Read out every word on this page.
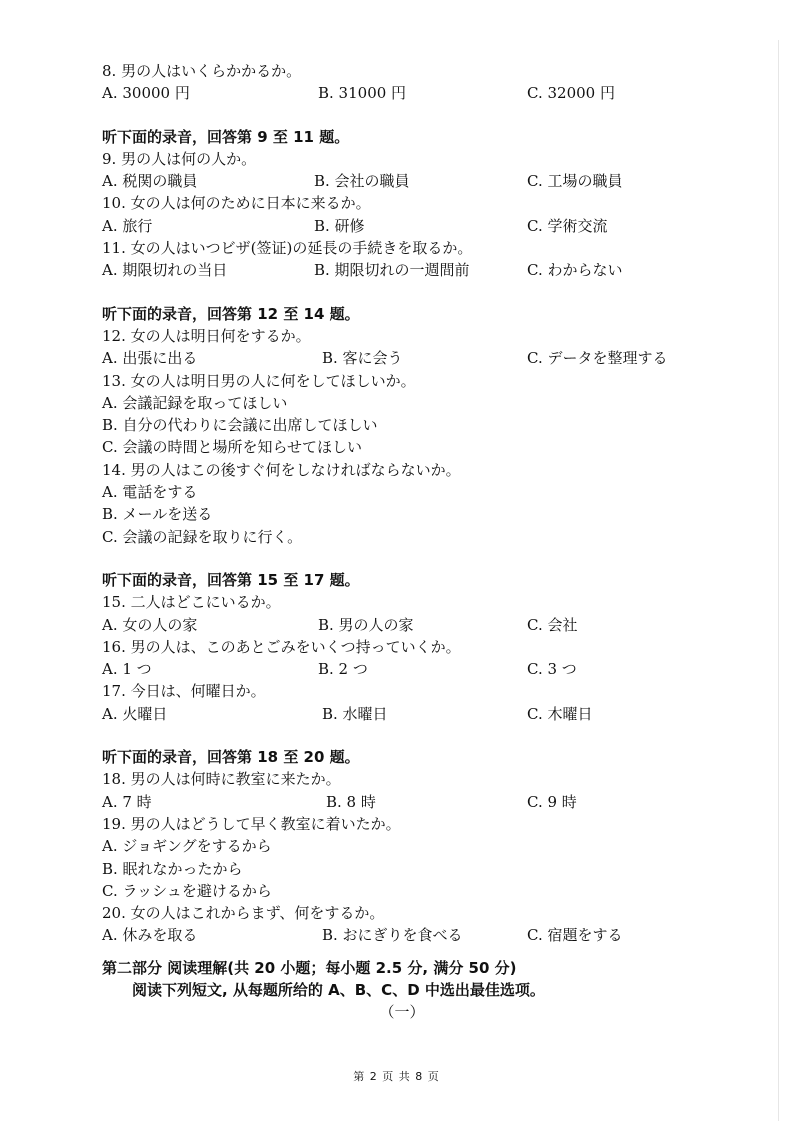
8. 男の人はいくらかかるか。
A. 30000 円	B. 31000 円	C. 32000 円
听下面的录音，回答第 9 至 11 题。
9. 男の人は何の人か。
A. 税関の職員	B. 会社の職員	C. 工場の職員
10. 女の人は何のために日本に来るか。
A. 旅行	B. 研修	C. 学術交流
11. 女の人はいつビザ(签证)の延長の手続きを取るか。
A. 期限切れの当日	B. 期限切れの一週間前	C. わからない
听下面的录音，回答第 12 至 14 题。
12. 女の人は明日何をするか。
A. 出張に出る	B. 客に会う	C. データを整理する
13. 女の人は明日男の人に何をしてほしいか。
A. 会議記録を取ってほしい
B. 自分の代わりに会議に出席してほしい
C. 会議の時間と場所を知らせてほしい
14. 男の人はこの後すぐ何をしなければならないか。
A. 電話をする
B. メールを送る
C. 会議の記録を取りに行く。
听下面的录音，回答第 15 至 17 题。
15. 二人はどこにいるか。
A. 女の人の家	B. 男の人の家	C. 会社
16. 男の人は、このあとごみをいくつ持っていくか。
A. 1 つ	B. 2 つ	C. 3 つ
17. 今日は、何曜日か。
A. 火曜日	B. 水曜日	C. 木曜日
听下面的录音，回答第 18 至 20 题。
18. 男の人は何時に教室に来たか。
A. 7 時	B. 8 時	C. 9 時
19. 男の人はどうして早く教室に着いたか。
A. ジョギングをするから
B. 眠れなかったから
C. ラッシュを避けるから
20. 女の人はこれからまず、何をするか。
A. 休みを取る	B. おにぎりを食べる	C. 宿題をする
第二部分 阅读理解(共 20 小题；每小题 2.5 分, 满分 50 分)
阅读下列短文, 从每题所给的 A、B、C、D 中选出最佳选项。
（一）
第 2 页 共 8 页
